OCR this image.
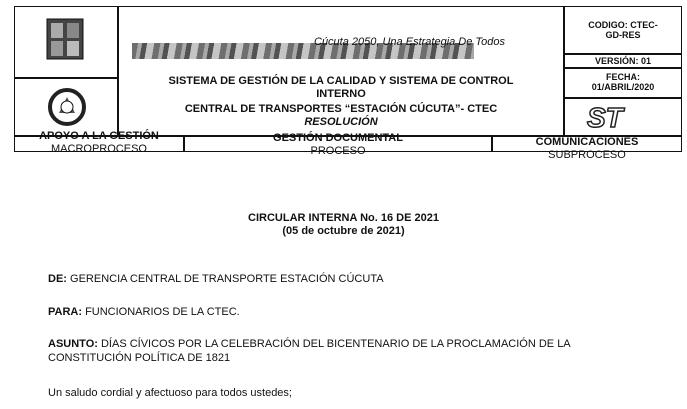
Cúcuta 2050, Una Estrategia De Todos
SISTEMA DE GESTIÓN DE LA CALIDAD Y SISTEMA DE CONTROL
INTERNO
CENTRAL DE TRANSPORTES “ESTACIÓN CÚCUTA”- CTEC
RESOLUCIÓN
CODIGO: CTEC-
GD-RES
VERSIÓN: 01
FECHA:
01/ABRIL/2020
ST
APOYO A LA GESTIÓN
MACROPROCESO
GESTIÓN DOCUMENTAL
PROCESO
COMUNICACIONES
SUBPROCESO
CIRCULAR INTERNA No. 16 DE 2021
(05 de octubre de 2021)
DE: GERENCIA CENTRAL DE TRANSPORTE ESTACIÓN CÚCUTA
PARA: FUNCIONARIOS DE LA CTEC.
ASUNTO: DÍAS CÍVICOS POR LA CELEBRACIÓN DEL BICENTENARIO DE LA PROCLAMACIÓN DE LA
CONSTITUCIÓN POLÍTICA DE 1821
Un saludo cordial y afectuoso para todos ustedes;
